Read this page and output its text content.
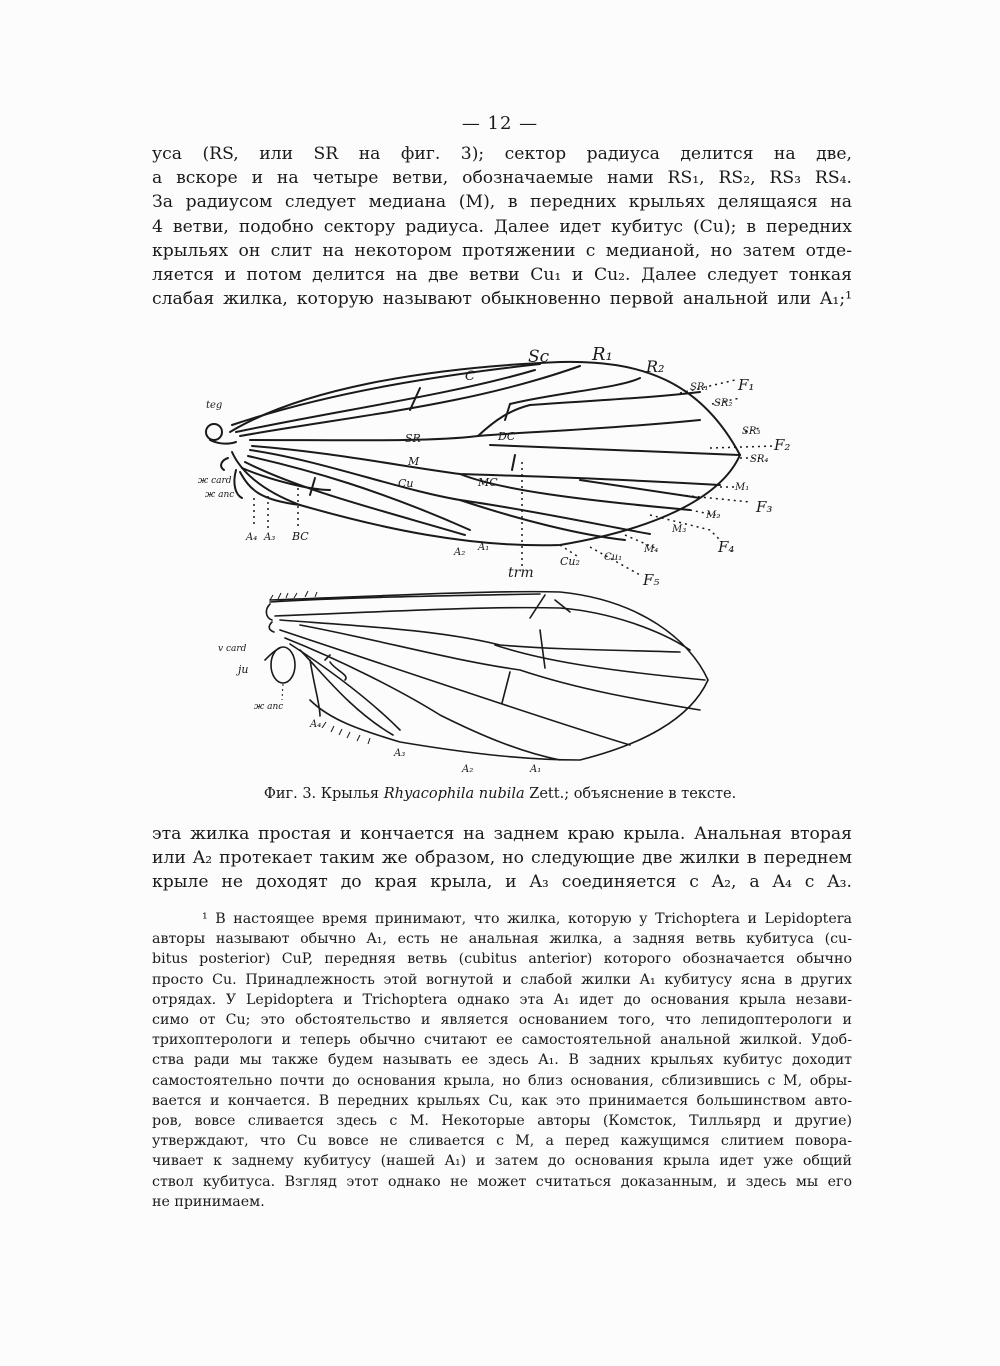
— 12 —
уса (RS, или SR на фиг. 3); сектор радиуса делится на две,
а вскоре и на четыре ветви, обозначаемые нами RS₁, RS₂, RS₃ RS₄.
За радиусом следует медиана (M), в передних крыльях делящаяся на
4 ветви, подобно сектору радиуса. Далее идет кубитус (Cu); в передних
крыльях он слит на некотором протяжении с медианой, но затем отде-
ляется и потом делится на две ветви Cu₁ и Cu₂. Далее следует тонкая
слабая жилка, которую называют обыкновенно первой анальной или A₁;¹
Sc R₁
R₂
C
SR	DC
M
Cu	MC
teg
ж card
ж anc
A₄ A₃ BC
A₂ A₁
trm
Cu₂ Cu₁
SR₁
SR₂
SR₃
SR₄
M₁
M₂
M₃
M₄
F₁
F₂
F₃
F₄
F₅
v card
ju
ж anc
A₄
A₃
A₂	A₁
Фиг. 3. Крылья Rhyacophila nubila Zett.; объяснение в тексте.
эта жилка простая и кончается на заднем краю крыла. Анальная вторая
или A₂ протекает таким же образом, но следующие две жилки в переднем
крыле не доходят до края крыла, и A₃ соединяется с A₂, а A₄ с A₃.
¹ В настоящее время принимают, что жилка, которую у Trichoptera и Lepidoptera
авторы называют обычно A₁, есть не анальная жилка, а задняя ветвь кубитуса (cu-
bitus posterior) CuP, передняя ветвь (cubitus anterior) которого обозначается обычно
просто Cu. Принадлежность этой вогнутой и слабой жилки A₁ кубитусу ясна в других
отрядах. У Lepidoptera и Trichoptera однако эта A₁ идет до основания крыла незави-
симо от Cu; это обстоятельство и является основанием того, что лепидоптерологи и
трихоптерологи и теперь обычно считают ее самостоятельной анальной жилкой. Удоб-
ства ради мы также будем называть ее здесь A₁. В задних крыльях кубитус доходит
самостоятельно почти до основания крыла, но близ основания, сблизившись с M, обры-
вается и кончается. В передних крыльях Cu, как это принимается большинством авто-
ров, вовсе сливается здесь с M. Некоторые авторы (Комсток, Тилльярд и другие)
утверждают, что Cu вовсе не сливается с M, а перед кажущимся слитием повора-
чивает к заднему кубитусу (нашей A₁) и затем до основания крыла идет уже общий
ствол кубитуса. Взгляд этот однако не может считаться доказанным, и здесь мы его
не принимаем.
